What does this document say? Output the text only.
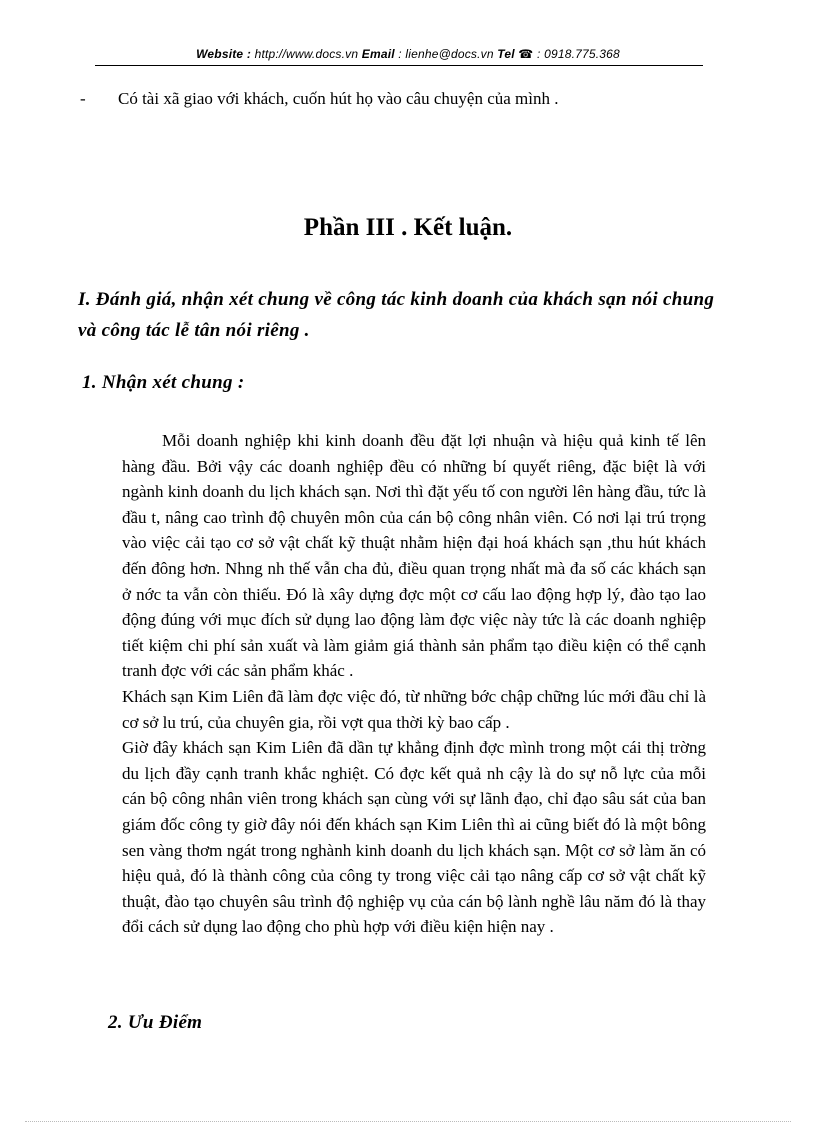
Website : http://www.docs.vn Email : lienhe@docs.vn Tel ☎ : 0918.775.368
- Có tài xã giao với khách, cuốn hút họ vào câu chuyện của mình .
Phần III . Kết luận.
I. Đánh giá, nhận xét chung về công tác kinh doanh của khách sạn nói chung và công tác lễ tân nói riêng .
1. Nhận xét chung :

Mỗi doanh nghiệp khi kinh doanh đều đặt lợi nhuận và hiệu quả kinh tế lên hàng đầu. Bởi vậy các doanh nghiệp đều có những bí quyết riêng, đặc biệt là với ngành kinh doanh du lịch khách sạn. Nơi thì đặt yếu tố con người lên hàng đầu, tức là đầu t, nâng cao trình độ chuyên môn của cán bộ công nhân viên. Có nơi lại trú trọng vào việc cải tạo cơ sở vật chất kỹ thuật nhằm hiện đại hoá khách sạn ,thu hút khách đến đông hơn. Nhng nh thế vẫn cha đủ, điều quan trọng nhất mà đa số các khách sạn ở nớc ta vẫn còn thiếu. Đó là xây dựng đợc một cơ cấu lao động hợp lý, đào tạo lao động đúng với mục đích sử dụng lao động làm đợc việc này tức là các doanh nghiệp tiết kiệm chi phí sản xuất và làm giảm giá thành sản phẩm tạo điều kiện có thể cạnh tranh đợc với các sản phẩm khác .

Khách sạn Kim Liên đã làm đợc việc đó, từ những bớc chập chững lúc mới đầu chỉ là cơ sở lu trú, của chuyên gia, rồi vợt qua thời kỳ bao cấp .

Giờ đây khách sạn Kim Liên đã dần tự khẳng định đợc mình trong một cái thị trờng du lịch đầy cạnh tranh khắc nghiệt. Có đợc kết quả nh cậy là do sự nỗ lực của mỗi cán bộ công nhân viên trong khách sạn cùng với sự lãnh đạo, chỉ đạo sâu sát của ban giám đốc công ty giờ đây nói đến khách sạn Kim Liên thì ai cũng biết đó là một bông sen vàng thơm ngát trong nghành kinh doanh du lịch khách sạn. Một cơ sở làm ăn có hiệu quả, đó là thành công của công ty trong việc cải tạo nâng cấp cơ sở vật chất kỹ thuật, đào tạo chuyên sâu trình độ nghiệp vụ của cán bộ lành nghề lâu năm đó là thay đổi cách sử dụng lao động cho phù hợp với điều kiện hiện nay .

2. Ưu Điểm
